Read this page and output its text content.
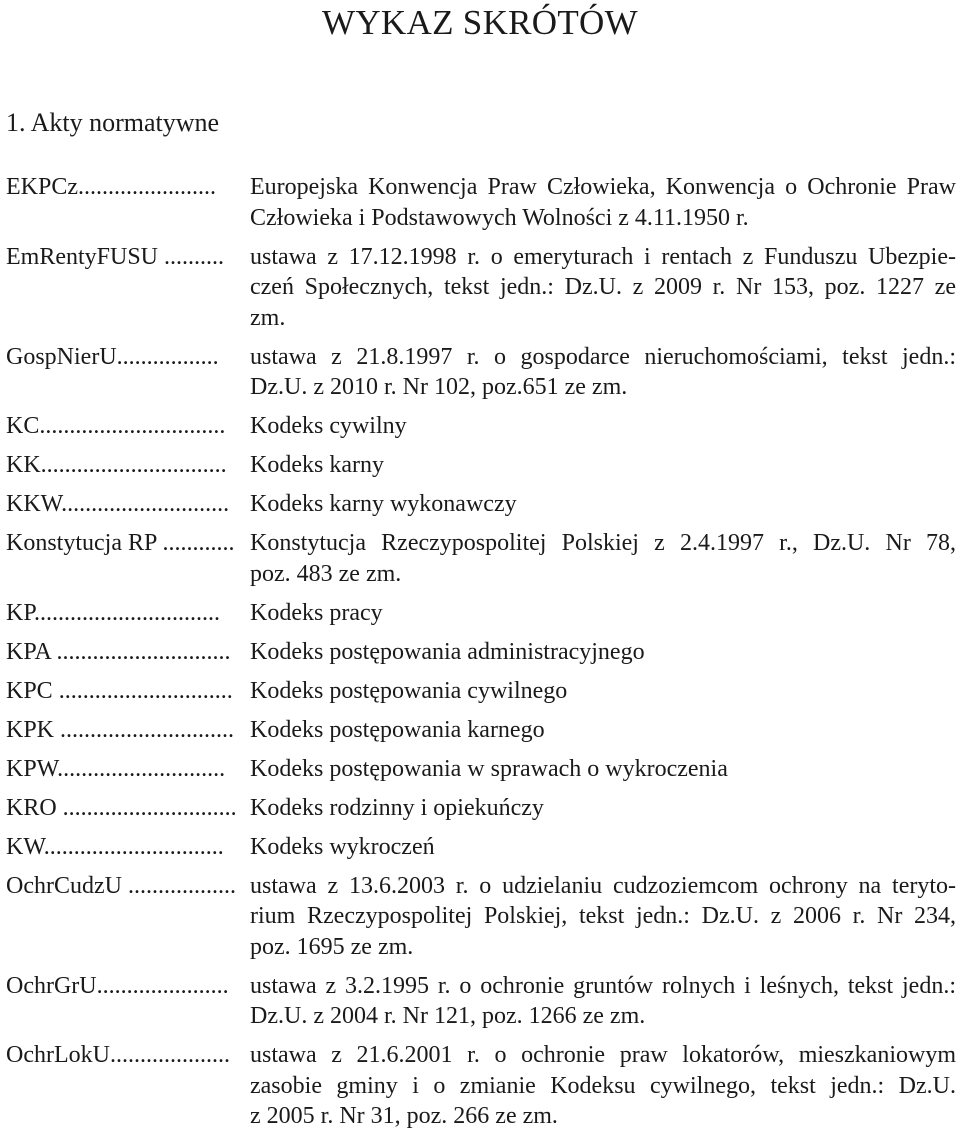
WYKAZ SKRÓTÓW
1. Akty normatywne
EKPCz.......................	Europejska Konwencja Praw Człowieka, Konwencja o Ochronie Praw
Człowieka i Podstawowych Wolności z 4.11.1950 r.
EmRentyFUSU ..........	ustawa z 17.12.1998 r. o emeryturach i rentach z Funduszu Ubezpie-
czeń Społecznych, tekst jedn.: Dz.U. z 2009 r. Nr 153, poz. 1227 ze
zm.
GospNierU.................	ustawa z 21.8.1997 r. o gospodarce nieruchomościami, tekst jedn.:
Dz.U. z 2010 r. Nr 102, poz.651 ze zm.
KC...............................	Kodeks cywilny
KK............................... Kodeks karny
KKW............................ Kodeks karny wykonawczy
Konstytucja RP ............ Konstytucja Rzeczypospolitej Polskiej z 2.4.1997 r., Dz.U. Nr 78,
poz. 483 ze zm.
KP...............................	Kodeks pracy
KPA ............................. Kodeks postępowania administracyjnego
KPC ............................. Kodeks postępowania cywilnego
KPK ............................. Kodeks postępowania karnego
KPW............................	Kodeks postępowania w sprawach o wykroczenia
KRO ............................. Kodeks rodzinny i opiekuńczy
KW..............................	Kodeks wykroczeń
OchrCudzU .................. ustawa z 13.6.2003 r. o udzielaniu cudzoziemcom ochrony na teryto-
rium Rzeczypospolitej Polskiej, tekst jedn.: Dz.U. z 2006 r. Nr 234,
poz. 1695 ze zm.
OchrGrU...................... ustawa z 3.2.1995 r. o ochronie gruntów rolnych i leśnych, tekst jedn.:
Dz.U. z 2004 r. Nr 121, poz. 1266 ze zm.
OchrLokU.................... ustawa z 21.6.2001 r. o ochronie praw lokatorów, mieszkaniowym
zasobie gminy i o zmianie Kodeksu cywilnego, tekst jedn.: Dz.U.
z 2005 r. Nr 31, poz. 266 ze zm.
